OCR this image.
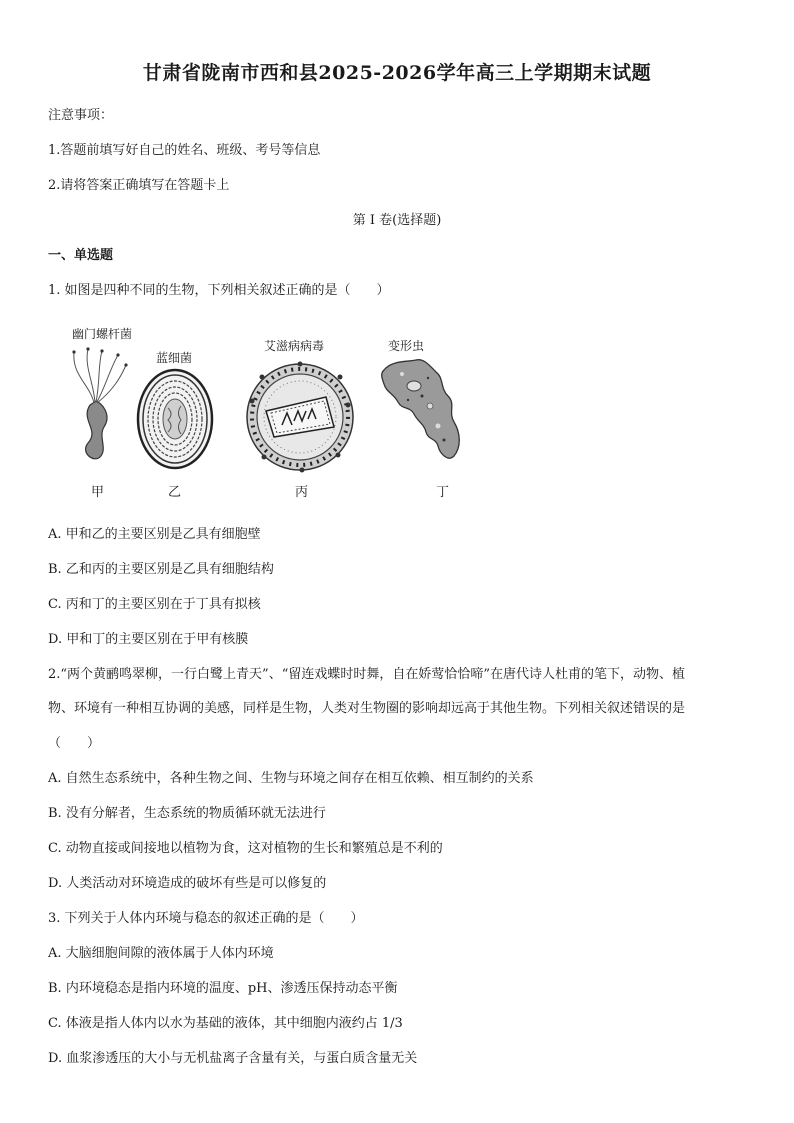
甘肃省陇南市西和县2025-2026学年高三上学期期末试题
注意事项：
1.答题前填写好自己的姓名、班级、考号等信息
2.请将答案正确填写在答题卡上
第 I 卷(选择题)
一、单选题
1. 如图是四种不同的生物，下列相关叙述正确的是（　　）
幽门螺杆菌
蓝细菌
艾滋病病毒	变形虫
甲	乙	丙	丁
A. 甲和乙的主要区别是乙具有细胞壁
B. 乙和丙的主要区别是乙具有细胞结构
C. 丙和丁的主要区别在于丁具有拟核
D. 甲和丁的主要区别在于甲有核膜
2.“两个黄鹂鸣翠柳，一行白鹭上青天”、“留连戏蝶时时舞，自在娇莺恰恰啼”在唐代诗人杜甫的笔下，动物、植
物、环境有一种相互协调的美感，同样是生物，人类对生物圈的影响却远高于其他生物。下列相关叙述错误的是
（　　）
A. 自然生态系统中，各种生物之间、生物与环境之间存在相互依赖、相互制约的关系
B. 没有分解者，生态系统的物质循环就无法进行
C. 动物直接或间接地以植物为食，这对植物的生长和繁殖总是不利的
D. 人类活动对环境造成的破坏有些是可以修复的
3. 下列关于人体内环境与稳态的叙述正确的是（　　）
A. 大脑细胞间隙的液体属于人体内环境
B. 内环境稳态是指内环境的温度、pH、渗透压保持动态平衡
C. 体液是指人体内以水为基础的液体，其中细胞内液约占 1/3
D. 血浆渗透压的大小与无机盐离子含量有关，与蛋白质含量无关
